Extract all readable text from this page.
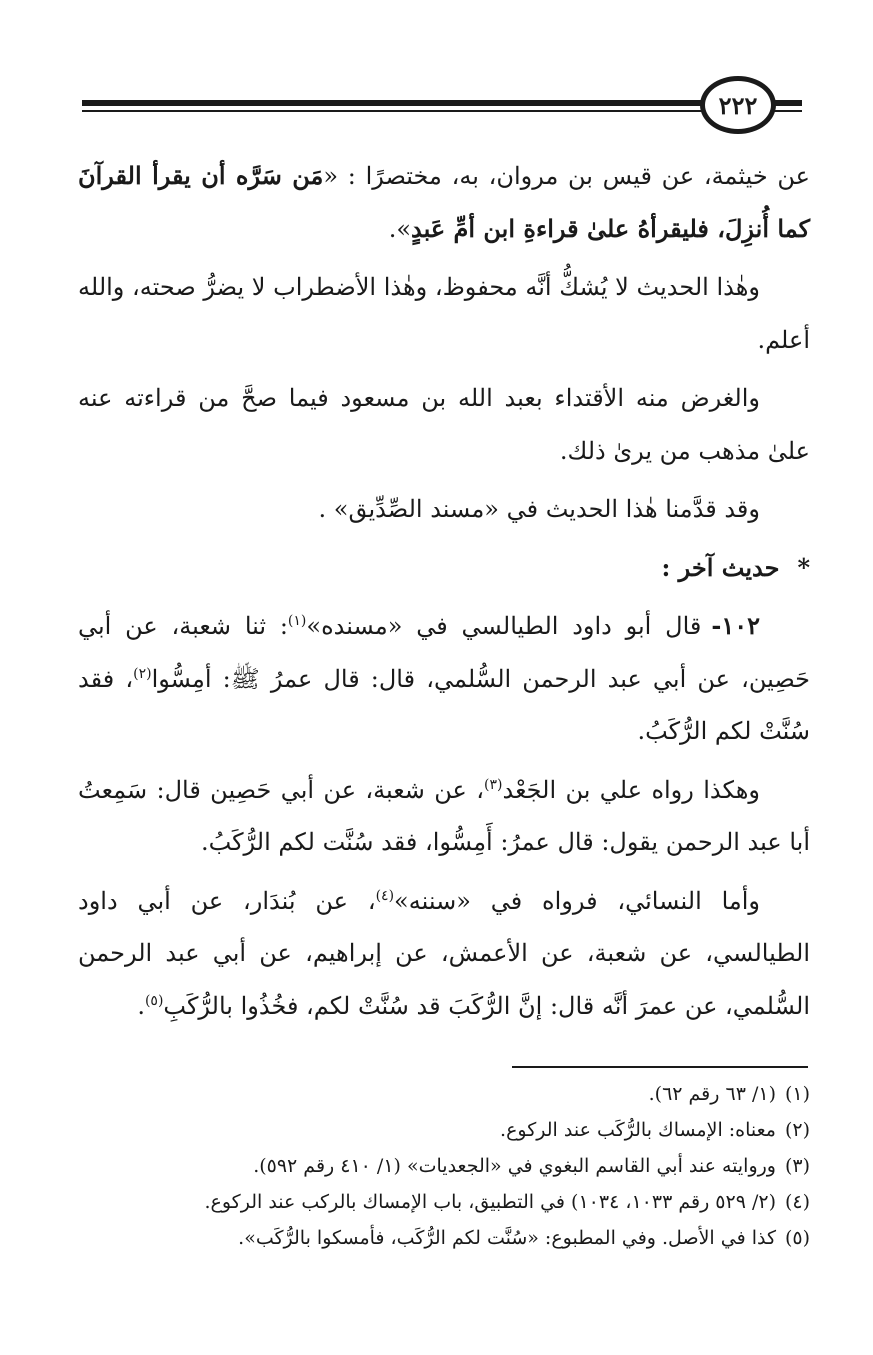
٢٢٢

عن خيثمة، عن قيس بن مروان، به، مختصرًا : «مَن سَرَّه أن يقرأ القرآنَ كما أُنزِلَ، فليقرأهُ علىٰ قراءةِ ابن أمِّ عَبدٍ».

وهٰذا الحديث لا يُشكُّ أنَّه محفوظ، وهٰذا الأضطراب لا يضرُّ صحته، والله أعلم.

والغرض منه الأقتداء بعبد الله بن مسعود فيما صحَّ من قراءته عنه علىٰ مذهب من يرىٰ ذلك.

وقد قدَّمنا هٰذا الحديث في «مسند الصِّدِّيق» .

*حديث آخر :

١٠٢-قال أبو داود الطيالسي في «مسنده»$^{(١)}$: ثنا شعبة، عن أبي حَصِين، عن أبي عبد الرحمن السُّلمي، قال: قال عمرُ ﷺ: أمِسُّوا$^{(٢)}$، فقد سُنَّتْ لكم الرُّكَبُ.

وهكذا رواه علي بن الجَعْد$^{(٣)}$، عن شعبة، عن أبي حَصِين قال: سَمِعتُ أبا عبد الرحمن يقول: قال عمرُ: أَمِسُّوا، فقد سُنَّت لكم الرُّكَبُ.

وأما النسائي، فرواه في «سننه»$^{(٤)}$، عن بُندَار، عن أبي داود الطيالسي، عن شعبة، عن الأعمش، عن إبراهيم، عن أبي عبد الرحمن السُّلمي، عن عمرَ أنَّه قال: إنَّ الرُّكَبَ قد سُنَّتْ لكم، فخُذُوا بالرُّكَبِ$^{(٥)}$.

(١)(١/ ٦٣ رقم ٦٢).

(٢)معناه: الإمساك بالرُّكَب عند الركوع.

(٣)وروايته عند أبي القاسم البغوي في «الجعديات» (١/ ٤١٠ رقم ٥٩٢).

(٤)(٢/ ٥٢٩ رقم ١٠٣٣، ١٠٣٤) في التطبيق، باب الإمساك بالركب عند الركوع.

(٥)كذا في الأصل. وفي المطبوع: «سُنَّت لكم الرُّكَب، فأمسكوا بالرُّكَب».
